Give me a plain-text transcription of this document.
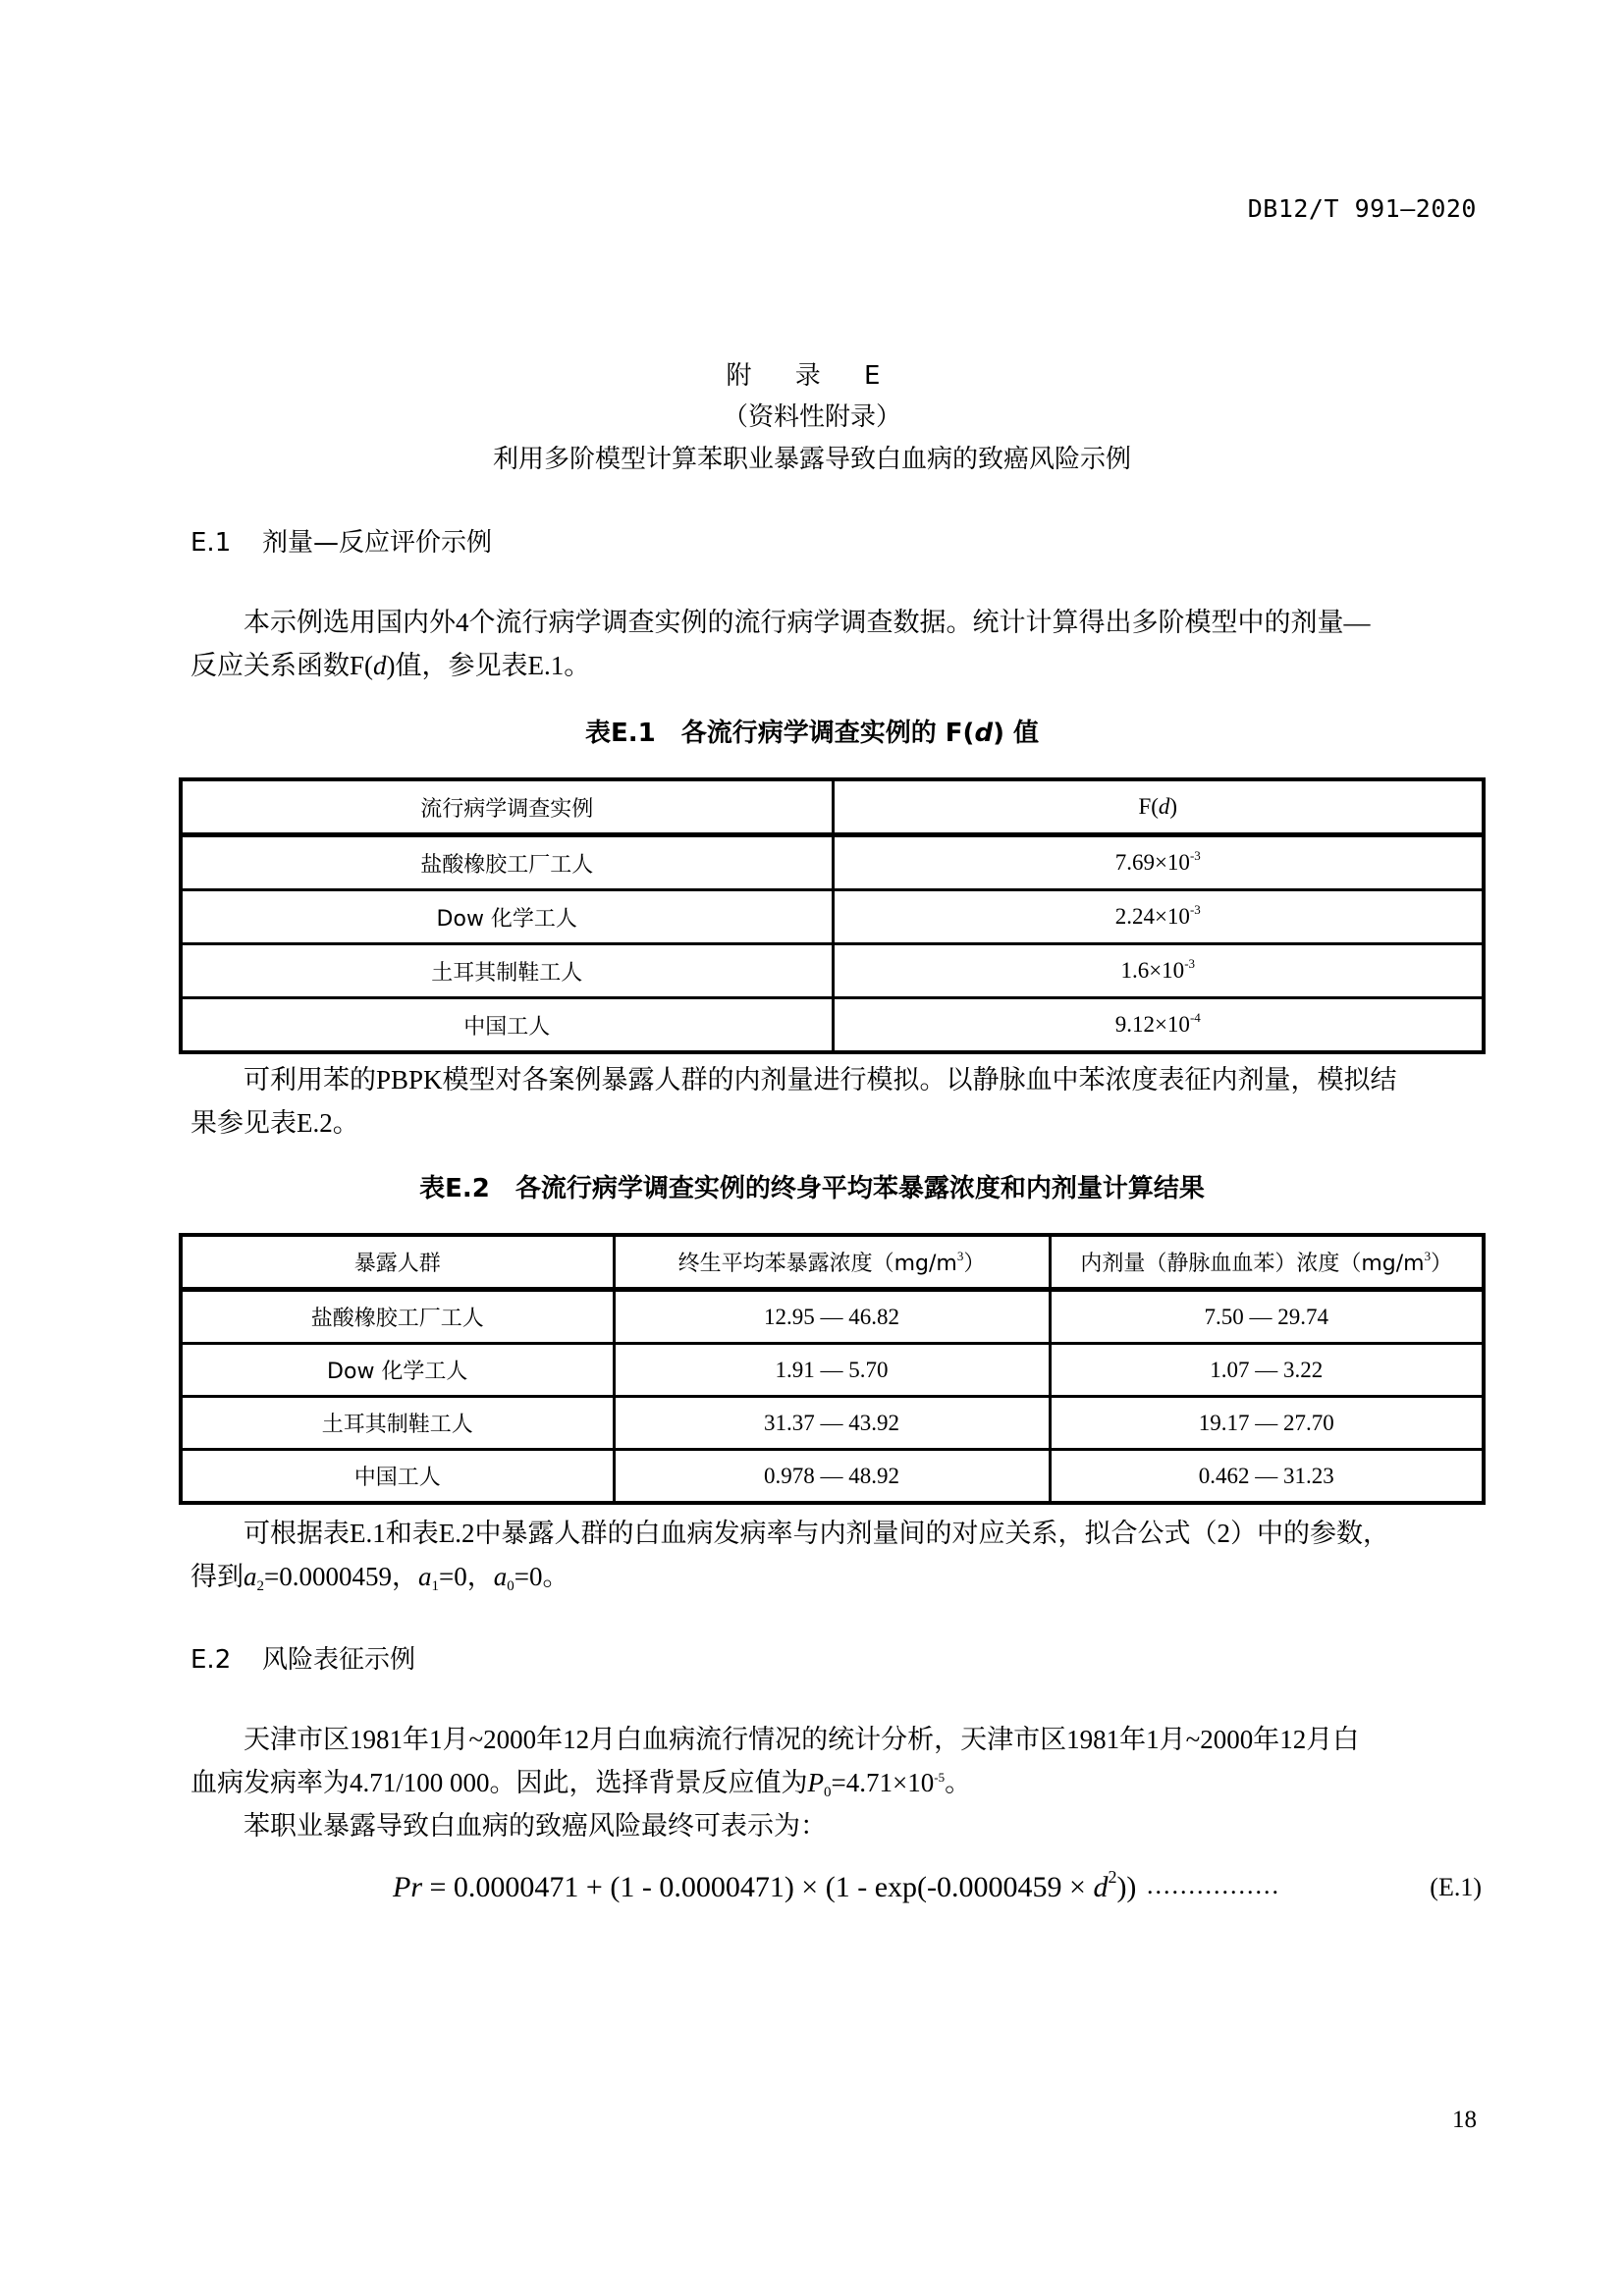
DB12/T 991—2020
附 录 E
（资料性附录）
利用多阶模型计算苯职业暴露导致白血病的致癌风险示例
E.1 剂量—反应评价示例
本示例选用国内外4个流行病学调查实例的流行病学调查数据。统计计算得出多阶模型中的剂量—
反应关系函数F(d)值，参见表E.1。
表E.1　各流行病学调查实例的 F(d) 值
流行病学调查实例	F(d)
盐酸橡胶工厂工人	$7.69\times 10^{-3}$
Dow 化学工人	$2.24\times 10^{-3}$
土耳其制鞋工人	$1.6\times 10^{-3}$
中国工人	$9.12\times 10^{-4}$
可利用苯的PBPK模型对各案例暴露人群的内剂量进行模拟。以静脉血中苯浓度表征内剂量，模拟结
果参见表E.2。
表E.2　各流行病学调查实例的终身平均苯暴露浓度和内剂量计算结果
暴露人群	终生平均苯暴露浓度$(mg/m^3)$	内剂量（静脉血血苯）浓度$(mg/m^3)$
盐酸橡胶工厂工人	12.95 — 46.82	7.50 — 29.74
Dow 化学工人	1.91 — 5.70	1.07 — 3.22
土耳其制鞋工人	31.37 — 43.92	19.17 — 27.70
中国工人	0.978 — 48.92	0.462 — 31.23
可根据表E.1和表E.2中暴露人群的白血病发病率与内剂量间的对应关系，拟合公式（2）中的参数，
得到$a_2=0.0000459$，$a_1=0$，$a_0=0$。
E.2 风险表征示例
天津市区1981年1月~2000年12月白血病流行情况的统计分析，天津市区1981年1月~2000年12月白
血病发病率为4.71/100 000。因此，选择背景反应值为$P_0=4.71\times 10^{-5}$。
苯职业暴露导致白血病的致癌风险最终可表示为：
$Pr = 0.0000471 + (1 - 0.0000471) \times (1 - \exp(-0.0000459 \times d^2))$ ................	(E.1)
18
